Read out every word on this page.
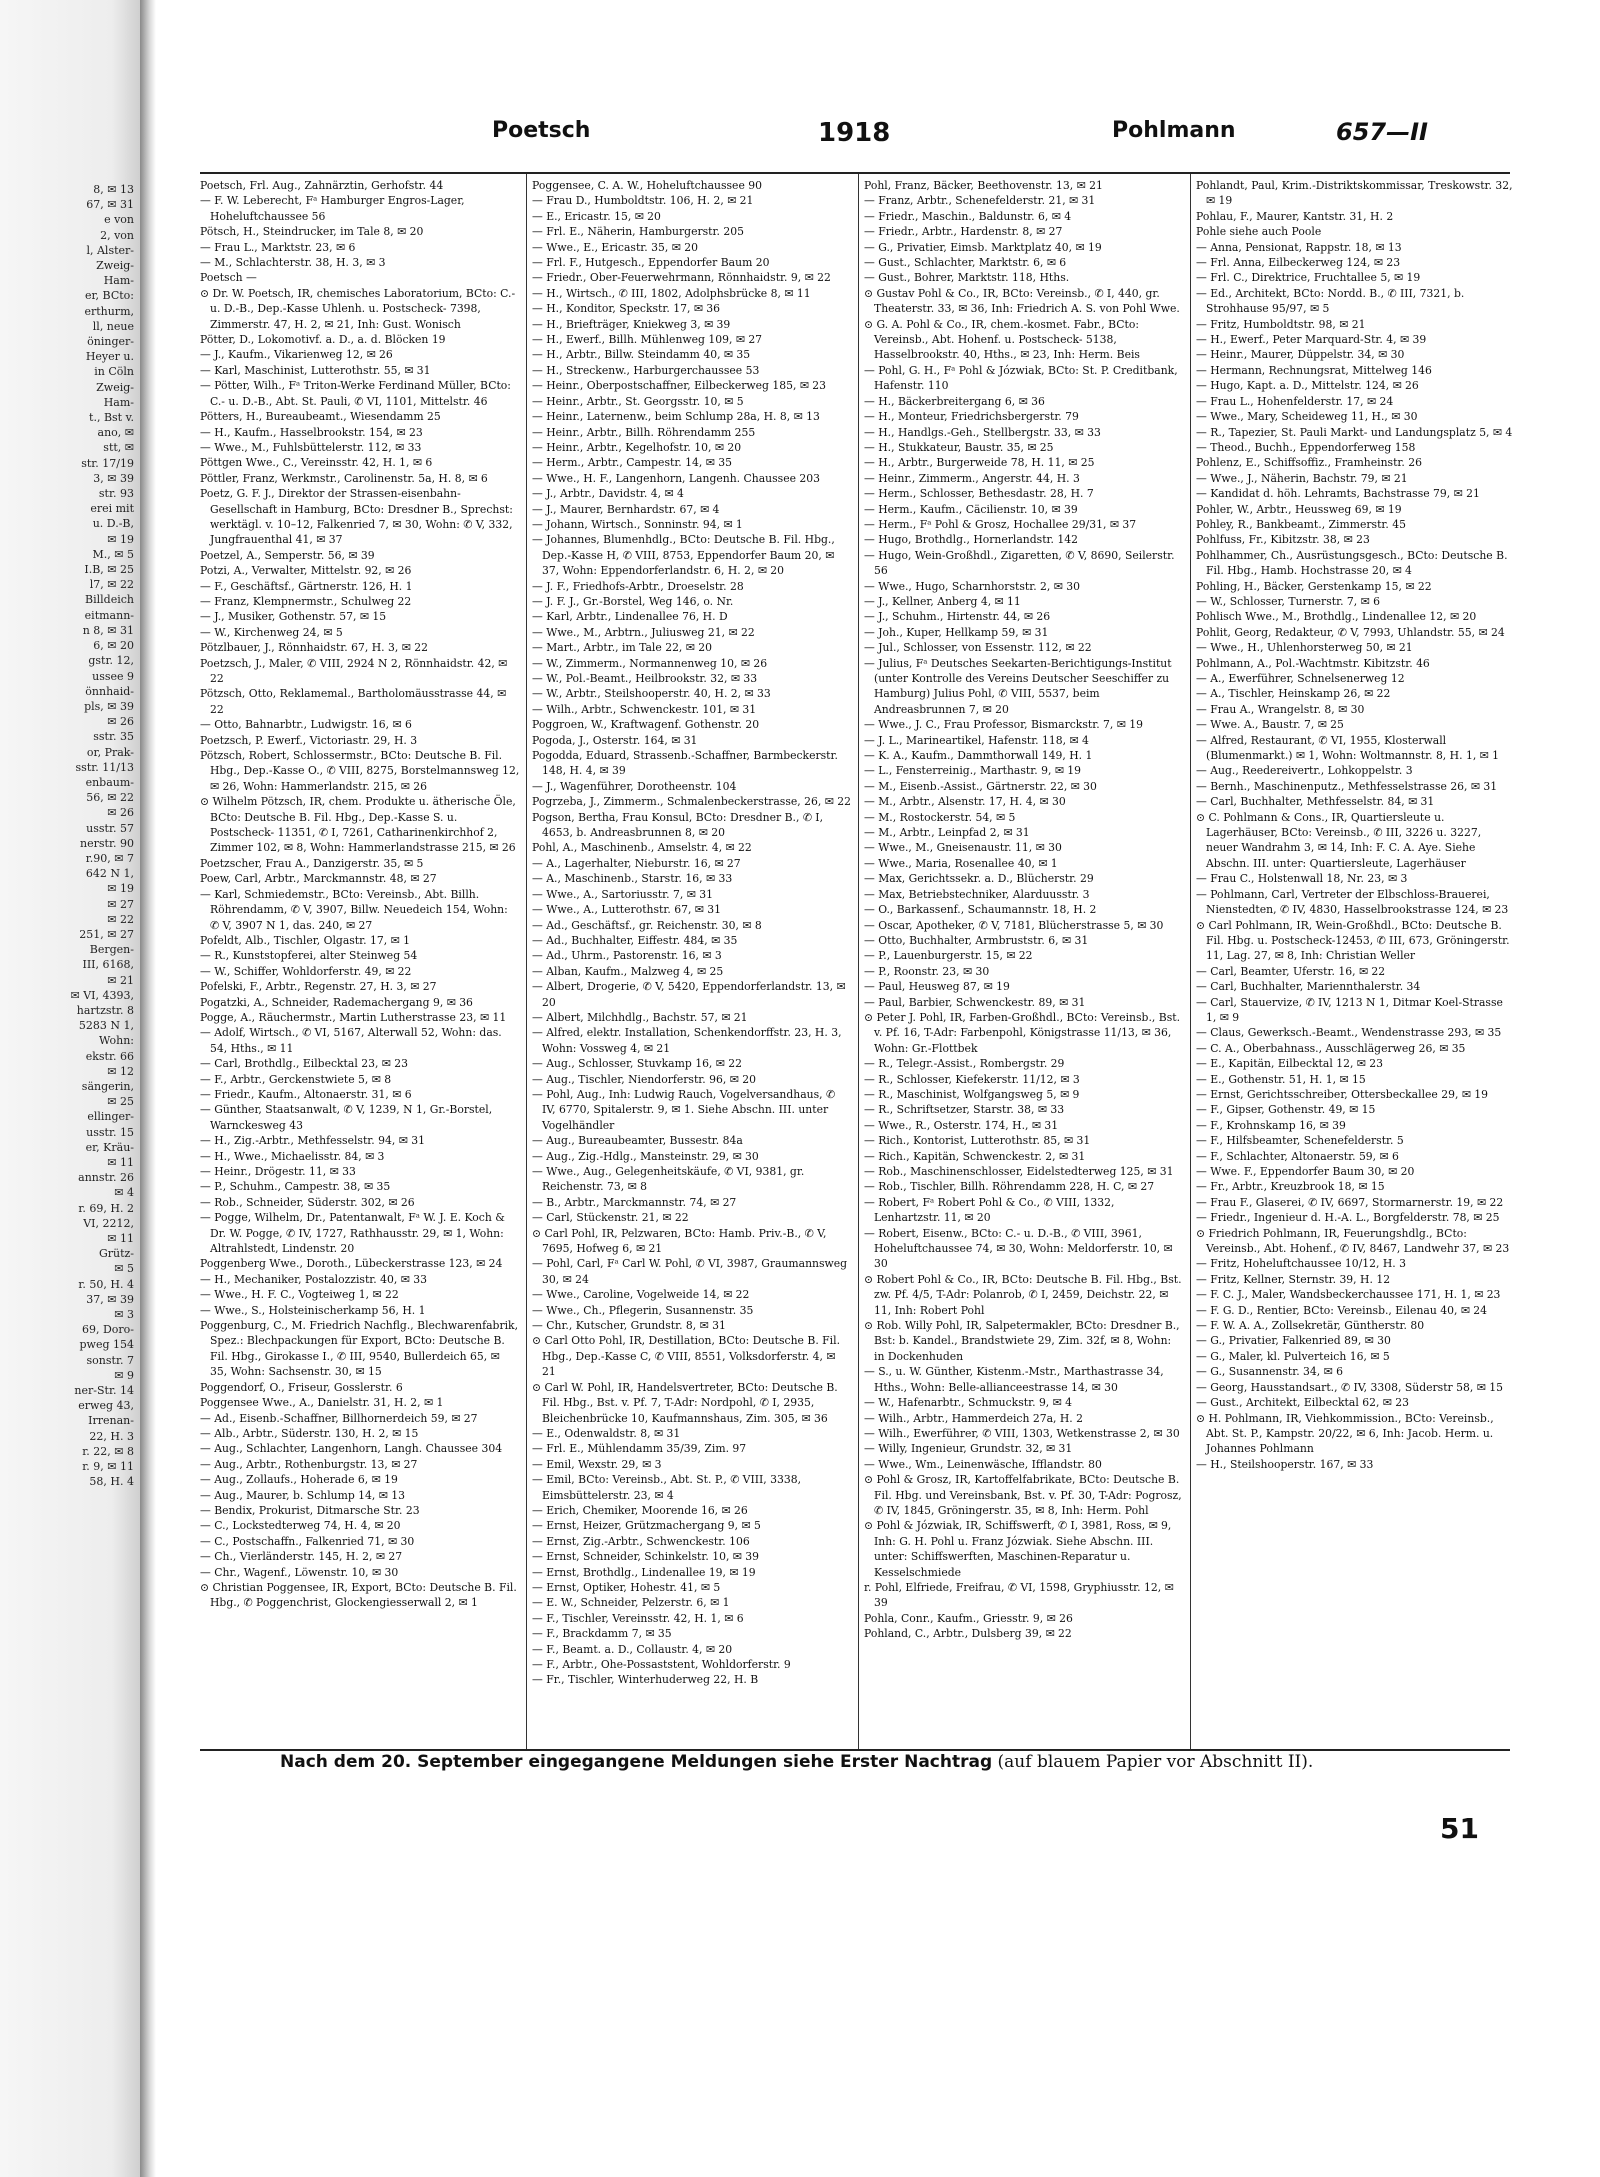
8, ✉ 13
67, ✉ 31
e von
2, von
l, Alster-
Zweig-
Ham-
er, BCto:
erthurm,
ll, neue
öninger-
Heyer u.
in Cöln
Zweig-
Ham-
t., Bst v.
ano, ✉
stt, ✉
str. 17/19
3, ✉ 39
str. 93
erei mit
u. D.-B,
✉ 19
M., ✉ 5
I.B, ✉ 25
l7, ✉ 22
Billdeich
eitmann-
n 8, ✉ 31
6, ✉ 20
gstr. 12,
ussee 9
önnhaid-
pls, ✉ 39
✉ 26
sstr. 35
or, Prak-
sstr. 11/13
enbaum-
56, ✉ 22
✉ 26
usstr. 57
nerstr. 90
r.90, ✉ 7
642 N 1,
✉ 19
✉ 27
✉ 22
251, ✉ 27
Bergen-
III, 6168,
✉ 21
✉ VI, 4393,
hartzstr. 8
5283 N 1,
Wohn:
ekstr. 66
✉ 12
sängerin,
✉ 25
ellinger-
usstr. 15
er, Kräu-
✉ 11
annstr. 26
✉ 4
r. 69, H. 2
VI, 2212,
✉ 11
Grütz-
✉ 5
r. 50, H. 4
37, ✉ 39
✉ 3
69, Doro-
pweg 154
sonstr. 7
✉ 9
ner-Str. 14
erweg 43,
Irrenan-
22, H. 3
r. 22, ✉ 8
r. 9, ✉ 11
58, H. 4
Poetsch	1918	Pohlmann	657—II

Poetsch, Frl. Aug., Zahnärztin, Gerhofstr. 44

— F. W. Leberecht, Fᵃ Hamburger Engros-Lager, Hoheluftchaussee 56

Pötsch, H., Steindrucker, im Tale 8, ✉ 20

— Frau L., Marktstr. 23, ✉ 6

— M., Schlachterstr. 38, H. 3, ✉ 3

Poetsch —

⊙ Dr. W. Poetsch, IR, chemisches Laboratorium, BCto: C.- u. D.-B., Dep.-Kasse Uhlenh. u. Postscheck- 7398, Zimmerstr. 47, H. 2, ✉ 21, Inh: Gust. Wonisch

Pötter, D., Lokomotivf. a. D., a. d. Blöcken 19

— J., Kaufm., Vikarienweg 12, ✉ 26

— Karl, Maschinist, Lutterothstr. 55, ✉ 31

— Pötter, Wilh., Fᵃ Triton-Werke Ferdinand Müller, BCto: C.- u. D.-B., Abt. St. Pauli, ✆ VI, 1101, Mittelstr. 46

Pötters, H., Bureaubeamt., Wiesendamm 25

— H., Kaufm., Hasselbrookstr. 154, ✉ 23

— Wwe., M., Fuhlsbüttelerstr. 112, ✉ 33

Pöttgen Wwe., C., Vereinsstr. 42, H. 1, ✉ 6

Pöttler, Franz, Werkmstr., Carolinenstr. 5a, H. 8, ✉ 6

Poetz, G. F. J., Direktor der Strassen-eisenbahn-Gesellschaft in Hamburg, BCto: Dresdner B., Sprechst: werktägl. v. 10–12, Falkenried 7, ✉ 30, Wohn: ✆ V, 332, Jungfrauenthal 41, ✉ 37

Poetzel, A., Semperstr. 56, ✉ 39

Potzi, A., Verwalter, Mittelstr. 92, ✉ 26

— F., Geschäftsf., Gärtnerstr. 126, H. 1

— Franz, Klempnermstr., Schulweg 22

— J., Musiker, Gothenstr. 57, ✉ 15

— W., Kirchenweg 24, ✉ 5

Pötzlbauer, J., Rönnhaidstr. 67, H. 3, ✉ 22

Poetzsch, J., Maler, ✆ VIII, 2924 N 2, Rönnhaidstr. 42, ✉ 22

Pötzsch, Otto, Reklamemal., Bartholomäusstrasse 44, ✉ 22

— Otto, Bahnarbtr., Ludwigstr. 16, ✉ 6

Poetzsch, P. Ewerf., Victoriastr. 29, H. 3

Pötzsch, Robert, Schlossermstr., BCto: Deutsche B. Fil. Hbg., Dep.-Kasse O., ✆ VIII, 8275, Borstelmannsweg 12, ✉ 26, Wohn: Hammerlandstr. 215, ✉ 26

⊙ Wilhelm Pötzsch, IR, chem. Produkte u. ätherische Öle, BCto: Deutsche B. Fil. Hbg., Dep.-Kasse S. u. Postscheck- 11351, ✆ I, 7261, Catharinenkirchhof 2, Zimmer 102, ✉ 8, Wohn: Hammerlandstrasse 215, ✉ 26

Poetzscher, Frau A., Danzigerstr. 35, ✉ 5

Poew, Carl, Arbtr., Marckmannstr. 48, ✉ 27

— Karl, Schmiedemstr., BCto: Vereinsb., Abt. Billh. Röhrendamm, ✆ V, 3907, Billw. Neuedeich 154, Wohn: ✆ V, 3907 N 1, das. 240, ✉ 27

Pofeldt, Alb., Tischler, Olgastr. 17, ✉ 1

— R., Kunststopferei, alter Steinweg 54

— W., Schiffer, Wohldorferstr. 49, ✉ 22

Pofelski, F., Arbtr., Regenstr. 27, H. 3, ✉ 27

Pogatzki, A., Schneider, Rademachergang 9, ✉ 36

Pogge, A., Räuchermstr., Martin Lutherstrasse 23, ✉ 11

— Adolf, Wirtsch., ✆ VI, 5167, Alterwall 52, Wohn: das. 54, Hths., ✉ 11

— Carl, Brothdlg., Eilbecktal 23, ✉ 23

— F., Arbtr., Gerckenstwiete 5, ✉ 8

— Friedr., Kaufm., Altonaerstr. 31, ✉ 6

— Günther, Staatsanwalt, ✆ V, 1239, N 1, Gr.-Borstel, Warnckesweg 43

— H., Zig.-Arbtr., Methfesselstr. 94, ✉ 31

— H., Wwe., Michaelisstr. 84, ✉ 3

— Heinr., Drögestr. 11, ✉ 33

— P., Schuhm., Campestr. 38, ✉ 35

— Rob., Schneider, Süderstr. 302, ✉ 26

— Pogge, Wilhelm, Dr., Patentanwalt, Fᵃ W. J. E. Koch & Dr. W. Pogge, ✆ IV, 1727, Rathhausstr. 29, ✉ 1, Wohn: Altrahlstedt, Lindenstr. 20

Poggenberg Wwe., Doroth., Lübeckerstrasse 123, ✉ 24

— H., Mechaniker, Postalozzistr. 40, ✉ 33

— Wwe., H. F. C., Vogteiweg 1, ✉ 22

— Wwe., S., Holsteinischerkamp 56, H. 1

Poggenburg, C., M. Friedrich Nachflg., Blechwarenfabrik, Spez.: Blechpackungen für Export, BCto: Deutsche B. Fil. Hbg., Girokasse I., ✆ III, 9540, Bullerdeich 65, ✉ 35, Wohn: Sachsenstr. 30, ✉ 15

Poggendorf, O., Friseur, Gosslerstr. 6

Poggensee Wwe., A., Danielstr. 31, H. 2, ✉ 1

— Ad., Eisenb.-Schaffner, Billhornerdeich 59, ✉ 27

— Alb., Arbtr., Süderstr. 130, H. 2, ✉ 15

— Aug., Schlachter, Langenhorn, Langh. Chaussee 304

— Aug., Arbtr., Rothenburgstr. 13, ✉ 27

— Aug., Zollaufs., Hoherade 6, ✉ 19

— Aug., Maurer, b. Schlump 14, ✉ 13

— Bendix, Prokurist, Ditmarsche Str. 23

— C., Lockstedterweg 74, H. 4, ✉ 20

— C., Postschaffn., Falkenried 71, ✉ 30

— Ch., Vierländerstr. 145, H. 2, ✉ 27

— Chr., Wagenf., Löwenstr. 10, ✉ 30

⊙ Christian Poggensee, IR, Export, BCto: Deutsche B. Fil. Hbg., ✆ Poggenchrist, Glockengiesserwall 2, ✉ 1

Poggensee, C. A. W., Hoheluftchaussee 90

— Frau D., Humboldtstr. 106, H. 2, ✉ 21

— E., Ericastr. 15, ✉ 20

— Frl. E., Näherin, Hamburgerstr. 205

— Wwe., E., Ericastr. 35, ✉ 20

— Frl. F., Hutgesch., Eppendorfer Baum 20

— Friedr., Ober-Feuerwehrmann, Rönnhaidstr. 9, ✉ 22

— H., Wirtsch., ✆ III, 1802, Adolphsbrücke 8, ✉ 11

— H., Konditor, Speckstr. 17, ✉ 36

— H., Briefträger, Kniekweg 3, ✉ 39

— H., Ewerf., Billh. Mühlenweg 109, ✉ 27

— H., Arbtr., Billw. Steindamm 40, ✉ 35

— H., Streckenw., Harburgerchaussee 53

— Heinr., Oberpostschaffner, Eilbeckerweg 185, ✉ 23

— Heinr., Arbtr., St. Georgsstr. 10, ✉ 5

— Heinr., Laternenw., beim Schlump 28a, H. 8, ✉ 13

— Heinr., Arbtr., Billh. Röhrendamm 255

— Heinr., Arbtr., Kegelhofstr. 10, ✉ 20

— Herm., Arbtr., Campestr. 14, ✉ 35

— Wwe., H. F., Langenhorn, Langenh. Chaussee 203

— J., Arbtr., Davidstr. 4, ✉ 4

— J., Maurer, Bernhardstr. 67, ✉ 4

— Johann, Wirtsch., Sonninstr. 94, ✉ 1

— Johannes, Blumenhdlg., BCto: Deutsche B. Fil. Hbg., Dep.-Kasse H, ✆ VIII, 8753, Eppendorfer Baum 20, ✉ 37, Wohn: Eppendorferlandstr. 6, H. 2, ✉ 20

— J. F., Friedhofs-Arbtr., Droeselstr. 28

— J. F. J., Gr.-Borstel, Weg 146, o. Nr.

— Karl, Arbtr., Lindenallee 76, H. D

— Wwe., M., Arbtrn., Juliusweg 21, ✉ 22

— Mart., Arbtr., im Tale 22, ✉ 20

— W., Zimmerm., Normannenweg 10, ✉ 26

— W., Pol.-Beamt., Heilbrookstr. 32, ✉ 33

— W., Arbtr., Steilshooperstr. 40, H. 2, ✉ 33

— Wilh., Arbtr., Schwenckestr. 101, ✉ 31

Poggroen, W., Kraftwagenf. Gothenstr. 20

Pogoda, J., Osterstr. 164, ✉ 31

Pogodda, Eduard, Strassenb.-Schaffner, Barmbeckerstr. 148, H. 4, ✉ 39

— J., Wagenführer, Dorotheenstr. 104

Pogrzeba, J., Zimmerm., Schmalenbeckerstrasse, 26, ✉ 22

Pogson, Bertha, Frau Konsul, BCto: Dresdner B., ✆ I, 4653, b. Andreasbrunnen 8, ✉ 20

Pohl, A., Maschinenb., Amselstr. 4, ✉ 22

— A., Lagerhalter, Nieburstr. 16, ✉ 27

— A., Maschinenb., Starstr. 16, ✉ 33

— Wwe., A., Sartoriusstr. 7, ✉ 31

— Wwe., A., Lutterothstr. 67, ✉ 31

— Ad., Geschäftsf., gr. Reichenstr. 30, ✉ 8

— Ad., Buchhalter, Eiffestr. 484, ✉ 35

— Ad., Uhrm., Pastorenstr. 16, ✉ 3

— Alban, Kaufm., Malzweg 4, ✉ 25

— Albert, Drogerie, ✆ V, 5420, Eppendorferlandstr. 13, ✉ 20

— Albert, Milchhdlg., Bachstr. 57, ✉ 21

— Alfred, elektr. Installation, Schenkendorffstr. 23, H. 3, Wohn: Vossweg 4, ✉ 21

— Aug., Schlosser, Stuvkamp 16, ✉ 22

— Aug., Tischler, Niendorferstr. 96, ✉ 20

— Pohl, Aug., Inh: Ludwig Rauch, Vogelversandhaus, ✆ IV, 6770, Spitalerstr. 9, ✉ 1. Siehe Abschn. III. unter Vogelhändler

— Aug., Bureaubeamter, Bussestr. 84a

— Aug., Zig.-Hdlg., Mansteinstr. 29, ✉ 30

— Wwe., Aug., Gelegenheitskäufe, ✆ VI, 9381, gr. Reichenstr. 73, ✉ 8

— B., Arbtr., Marckmannstr. 74, ✉ 27

— Carl, Stückenstr. 21, ✉ 22

⊙ Carl Pohl, IR, Pelzwaren, BCto: Hamb. Priv.-B., ✆ V, 7695, Hofweg 6, ✉ 21

— Pohl, Carl, Fᵃ Carl W. Pohl, ✆ VI, 3987, Graumannsweg 30, ✉ 24

— Wwe., Caroline, Vogelweide 14, ✉ 22

— Wwe., Ch., Pflegerin, Susannenstr. 35

— Chr., Kutscher, Grundstr. 8, ✉ 31

⊙ Carl Otto Pohl, IR, Destillation, BCto: Deutsche B. Fil. Hbg., Dep.-Kasse C, ✆ VIII, 8551, Volksdorferstr. 4, ✉ 21

⊙ Carl W. Pohl, IR, Handelsvertreter, BCto: Deutsche B. Fil. Hbg., Bst. v. Pf. 7, T-Adr: Nordpohl, ✆ I, 2935, Bleichenbrücke 10, Kaufmannshaus, Zim. 305, ✉ 36

— E., Odenwaldstr. 8, ✉ 31

— Frl. E., Mühlendamm 35/39, Zim. 97

— Emil, Wexstr. 29, ✉ 3

— Emil, BCto: Vereinsb., Abt. St. P., ✆ VIII, 3338, Eimsbüttelerstr. 23, ✉ 4

— Erich, Chemiker, Moorende 16, ✉ 26

— Ernst, Heizer, Grützmachergang 9, ✉ 5

— Ernst, Zig.-Arbtr., Schwenckestr. 106

— Ernst, Schneider, Schinkelstr. 10, ✉ 39

— Ernst, Brothdlg., Lindenallee 19, ✉ 19

— Ernst, Optiker, Hohestr. 41, ✉ 5

— E. W., Schneider, Pelzerstr. 6, ✉ 1

— F., Tischler, Vereinsstr. 42, H. 1, ✉ 6

— F., Brackdamm 7, ✉ 35

— F., Beamt. a. D., Collaustr. 4, ✉ 20

— F., Arbtr., Ohe-Possaststent, Wohldorferstr. 9

— Fr., Tischler, Winterhuderweg 22, H. B

Pohl, Franz, Bäcker, Beethovenstr. 13, ✉ 21

— Franz, Arbtr., Schenefelderstr. 21, ✉ 31

— Friedr., Maschin., Baldunstr. 6, ✉ 4

— Friedr., Arbtr., Hardenstr. 8, ✉ 27

— G., Privatier, Eimsb. Marktplatz 40, ✉ 19

— Gust., Schlachter, Marktstr. 6, ✉ 6

— Gust., Bohrer, Marktstr. 118, Hths.

⊙ Gustav Pohl & Co., IR, BCto: Vereinsb., ✆ I, 440, gr. Theaterstr. 33, ✉ 36, Inh: Friedrich A. S. von Pohl Wwe.

⊙ G. A. Pohl & Co., IR, chem.-kosmet. Fabr., BCto: Vereinsb., Abt. Hohenf. u. Postscheck- 5138, Hasselbrookstr. 40, Hths., ✉ 23, Inh: Herm. Beis

— Pohl, G. H., Fᵃ Pohl & Józwiak, BCto: St. P. Creditbank, Hafenstr. 110

— H., Bäckerbreitergang 6, ✉ 36

— H., Monteur, Friedrichsbergerstr. 79

— H., Handlgs.-Geh., Stellbergstr. 33, ✉ 33

— H., Stukkateur, Baustr. 35, ✉ 25

— H., Arbtr., Burgerweide 78, H. 11, ✉ 25

— Heinr., Zimmerm., Angerstr. 44, H. 3

— Herm., Schlosser, Bethesdastr. 28, H. 7

— Herm., Kaufm., Cäcilienstr. 10, ✉ 39

— Herm., Fᵃ Pohl & Grosz, Hochallee 29/31, ✉ 37

— Hugo, Brothdlg., Hornerlandstr. 142

— Hugo, Wein-Großhdl., Zigaretten, ✆ V, 8690, Seilerstr. 56

— Wwe., Hugo, Scharnhorststr. 2, ✉ 30

— J., Kellner, Anberg 4, ✉ 11

— J., Schuhm., Hirtenstr. 44, ✉ 26

— Joh., Kuper, Hellkamp 59, ✉ 31

— Jul., Schlosser, von Essenstr. 112, ✉ 22

— Julius, Fᵃ Deutsches Seekarten-Berichtigungs-Institut (unter Kontrolle des Vereins Deutscher Seeschiffer zu Hamburg) Julius Pohl, ✆ VIII, 5537, beim Andreasbrunnen 7, ✉ 20

— Wwe., J. C., Frau Professor, Bismarckstr. 7, ✉ 19

— J. L., Marineartikel, Hafenstr. 118, ✉ 4

— K. A., Kaufm., Dammthorwall 149, H. 1

— L., Fensterreinig., Marthastr. 9, ✉ 19

— M., Eisenb.-Assist., Gärtnerstr. 22, ✉ 30

— M., Arbtr., Alsenstr. 17, H. 4, ✉ 30

— M., Rostockerstr. 54, ✉ 5

— M., Arbtr., Leinpfad 2, ✉ 31

— Wwe., M., Gneisenaustr. 11, ✉ 30

— Wwe., Maria, Rosenallee 40, ✉ 1

— Max, Gerichtssekr. a. D., Blücherstr. 29

— Max, Betriebstechniker, Alarduusstr. 3

— O., Barkassenf., Schaumannstr. 18, H. 2

— Oscar, Apotheker, ✆ V, 7181, Blücherstrasse 5, ✉ 30

— Otto, Buchhalter, Armbruststr. 6, ✉ 31

— P., Lauenburgerstr. 15, ✉ 22

— P., Roonstr. 23, ✉ 30

— Paul, Heusweg 87, ✉ 19

— Paul, Barbier, Schwenckestr. 89, ✉ 31

⊙ Peter J. Pohl, IR, Farben-Großhdl., BCto: Vereinsb., Bst. v. Pf. 16, T-Adr: Farbenpohl, Königstrasse 11/13, ✉ 36, Wohn: Gr.-Flottbek

— R., Telegr.-Assist., Rombergstr. 29

— R., Schlosser, Kiefekerstr. 11/12, ✉ 3

— R., Maschinist, Wolfgangsweg 5, ✉ 9

— R., Schriftsetzer, Starstr. 38, ✉ 33

— Wwe., R., Osterstr. 174, H., ✉ 31

— Rich., Kontorist, Lutterothstr. 85, ✉ 31

— Rich., Kapitän, Schwenckestr. 2, ✉ 31

— Rob., Maschinenschlosser, Eidelstedterweg 125, ✉ 31

— Rob., Tischler, Billh. Röhrendamm 228, H. C, ✉ 27

— Robert, Fᵃ Robert Pohl & Co., ✆ VIII, 1332, Lenhartzstr. 11, ✉ 20

— Robert, Eisenw., BCto: C.- u. D.-B., ✆ VIII, 3961, Hoheluftchaussee 74, ✉ 30, Wohn: Meldorferstr. 10, ✉ 30

⊙ Robert Pohl & Co., IR, BCto: Deutsche B. Fil. Hbg., Bst. zw. Pf. 4/5, T-Adr: Polanrob, ✆ I, 2459, Deichstr. 22, ✉ 11, Inh: Robert Pohl

⊙ Rob. Willy Pohl, IR, Salpetermakler, BCto: Dresdner B., Bst: b. Kandel., Brandstwiete 29, Zim. 32f, ✉ 8, Wohn: in Dockenhuden

— S., u. W. Günther, Kistenm.-Mstr., Marthastrasse 34, Hths., Wohn: Belle-allianceestrasse 14, ✉ 30

— W., Hafenarbtr., Schmuckstr. 9, ✉ 4

— Wilh., Arbtr., Hammerdeich 27a, H. 2

— Wilh., Ewerführer, ✆ VIII, 1303, Wetkenstrasse 2, ✉ 30

— Willy, Ingenieur, Grundstr. 32, ✉ 31

— Wwe., Wm., Leinenwäsche, Ifflandstr. 80

⊙ Pohl & Grosz, IR, Kartoffelfabrikate, BCto: Deutsche B. Fil. Hbg. und Vereinsbank, Bst. v. Pf. 30, T-Adr: Pogrosz, ✆ IV, 1845, Gröningerstr. 35, ✉ 8, Inh: Herm. Pohl

⊙ Pohl & Józwiak, IR, Schiffswerft, ✆ I, 3981, Ross, ✉ 9, Inh: G. H. Pohl u. Franz Józwiak. Siehe Abschn. III. unter: Schiffswerften, Maschinen-Reparatur u. Kesselschmiede

r. Pohl, Elfriede, Freifrau, ✆ VI, 1598, Gryphiusstr. 12, ✉ 39

Pohla, Conr., Kaufm., Griesstr. 9, ✉ 26

Pohland, C., Arbtr., Dulsberg 39, ✉ 22

Pohlandt, Paul, Krim.-Distriktskommissar, Treskowstr. 32, ✉ 19

Pohlau, F., Maurer, Kantstr. 31, H. 2

Pohle siehe auch Poole

— Anna, Pensionat, Rappstr. 18, ✉ 13

— Frl. Anna, Eilbeckerweg 124, ✉ 23

— Frl. C., Direktrice, Fruchtallee 5, ✉ 19

— Ed., Architekt, BCto: Nordd. B., ✆ III, 7321, b. Strohhause 95/97, ✉ 5

— Fritz, Humboldtstr. 98, ✉ 21

— H., Ewerf., Peter Marquard-Str. 4, ✉ 39

— Heinr., Maurer, Düppelstr. 34, ✉ 30

— Hermann, Rechnungsrat, Mittelweg 146

— Hugo, Kapt. a. D., Mittelstr. 124, ✉ 26

— Frau L., Hohenfelderstr. 17, ✉ 24

— Wwe., Mary, Scheideweg 11, H., ✉ 30

— R., Tapezier, St. Pauli Markt- und Landungsplatz 5, ✉ 4

— Theod., Buchh., Eppendorferweg 158

Pohlenz, E., Schiffsoffiz., Framheinstr. 26

— Wwe., J., Näherin, Bachstr. 79, ✉ 21

— Kandidat d. höh. Lehramts, Bachstrasse 79, ✉ 21

Pohler, W., Arbtr., Heussweg 69, ✉ 19

Pohley, R., Bankbeamt., Zimmerstr. 45

Pohlfuss, Fr., Kibitzstr. 38, ✉ 23

Pohlhammer, Ch., Ausrüstungsgesch., BCto: Deutsche B. Fil. Hbg., Hamb. Hochstrasse 20, ✉ 4

Pohling, H., Bäcker, Gerstenkamp 15, ✉ 22

— W., Schlosser, Turnerstr. 7, ✉ 6

Pohlisch Wwe., M., Brothdlg., Lindenallee 12, ✉ 20

Pohlit, Georg, Redakteur, ✆ V, 7993, Uhlandstr. 55, ✉ 24

— Wwe., H., Uhlenhorsterweg 50, ✉ 21

Pohlmann, A., Pol.-Wachtmstr. Kibitzstr. 46

— A., Ewerführer, Schnelsenerweg 12

— A., Tischler, Heinskamp 26, ✉ 22

— Frau A., Wrangelstr. 8, ✉ 30

— Wwe. A., Baustr. 7, ✉ 25

— Alfred, Restaurant, ✆ VI, 1955, Klosterwall (Blumenmarkt.) ✉ 1, Wohn: Woltmannstr. 8, H. 1, ✉ 1

— Aug., Reedereivertr., Lohkoppelstr. 3

— Bernh., Maschinenputz., Methfesselstrasse 26, ✉ 31

— Carl, Buchhalter, Methfesselstr. 84, ✉ 31

⊙ C. Pohlmann & Cons., IR, Quartiersleute u. Lagerhäuser, BCto: Vereinsb., ✆ III, 3226 u. 3227, neuer Wandrahm 3, ✉ 14, Inh: F. C. A. Aye. Siehe Abschn. III. unter: Quartiersleute, Lagerhäuser

— Frau C., Holstenwall 18, Nr. 23, ✉ 3

— Pohlmann, Carl, Vertreter der Elbschloss-Brauerei, Nienstedten, ✆ IV, 4830, Hasselbrookstrasse 124, ✉ 23

⊙ Carl Pohlmann, IR, Wein-Großhdl., BCto: Deutsche B. Fil. Hbg. u. Postscheck-12453, ✆ III, 673, Gröningerstr. 11, Lag. 27, ✉ 8, Inh: Christian Weller

— Carl, Beamter, Uferstr. 16, ✉ 22

— Carl, Buchhalter, Mariennthalerstr. 34

— Carl, Stauervize, ✆ IV, 1213 N 1, Ditmar Koel-Strasse 1, ✉ 9

— Claus, Gewerksch.-Beamt., Wendenstrasse 293, ✉ 35

— C. A., Oberbahnass., Ausschlägerweg 26, ✉ 35

— E., Kapitän, Eilbecktal 12, ✉ 23

— E., Gothenstr. 51, H. 1, ✉ 15

— Ernst, Gerichtsschreiber, Ottersbeckallee 29, ✉ 19

— F., Gipser, Gothenstr. 49, ✉ 15

— F., Krohnskamp 16, ✉ 39

— F., Hilfsbeamter, Schenefelderstr. 5

— F., Schlachter, Altonaerstr. 59, ✉ 6

— Wwe. F., Eppendorfer Baum 30, ✉ 20

— Fr., Arbtr., Kreuzbrook 18, ✉ 15

— Frau F., Glaserei, ✆ IV, 6697, Stormarnerstr. 19, ✉ 22

— Friedr., Ingenieur d. H.-A. L., Borgfelderstr. 78, ✉ 25

⊙ Friedrich Pohlmann, IR, Feuerungshdlg., BCto: Vereinsb., Abt. Hohenf., ✆ IV, 8467, Landwehr 37, ✉ 23

— Fritz, Hoheluftchaussee 10/12, H. 3

— Fritz, Kellner, Sternstr. 39, H. 12

— F. C. J., Maler, Wandsbeckerchaussee 171, H. 1, ✉ 23

— F. G. D., Rentier, BCto: Vereinsb., Eilenau 40, ✉ 24

— F. W. A. A., Zollsekretär, Güntherstr. 80

— G., Privatier, Falkenried 89, ✉ 30

— G., Maler, kl. Pulverteich 16, ✉ 5

— G., Susannenstr. 34, ✉ 6

— Georg, Hausstandsart., ✆ IV, 3308, Süderstr 58, ✉ 15

— Gust., Architekt, Eilbecktal 62, ✉ 23

⊙ H. Pohlmann, IR, Viehkommission., BCto: Vereinsb., Abt. St. P., Kampstr. 20/22, ✉ 6, Inh: Jacob. Herm. u. Johannes Pohlmann

— H., Steilshooperstr. 167, ✉ 33

Nach dem 20. September eingegangene Meldungen siehe Erster Nachtrag (auf blauem Papier vor Abschnitt II).
51
